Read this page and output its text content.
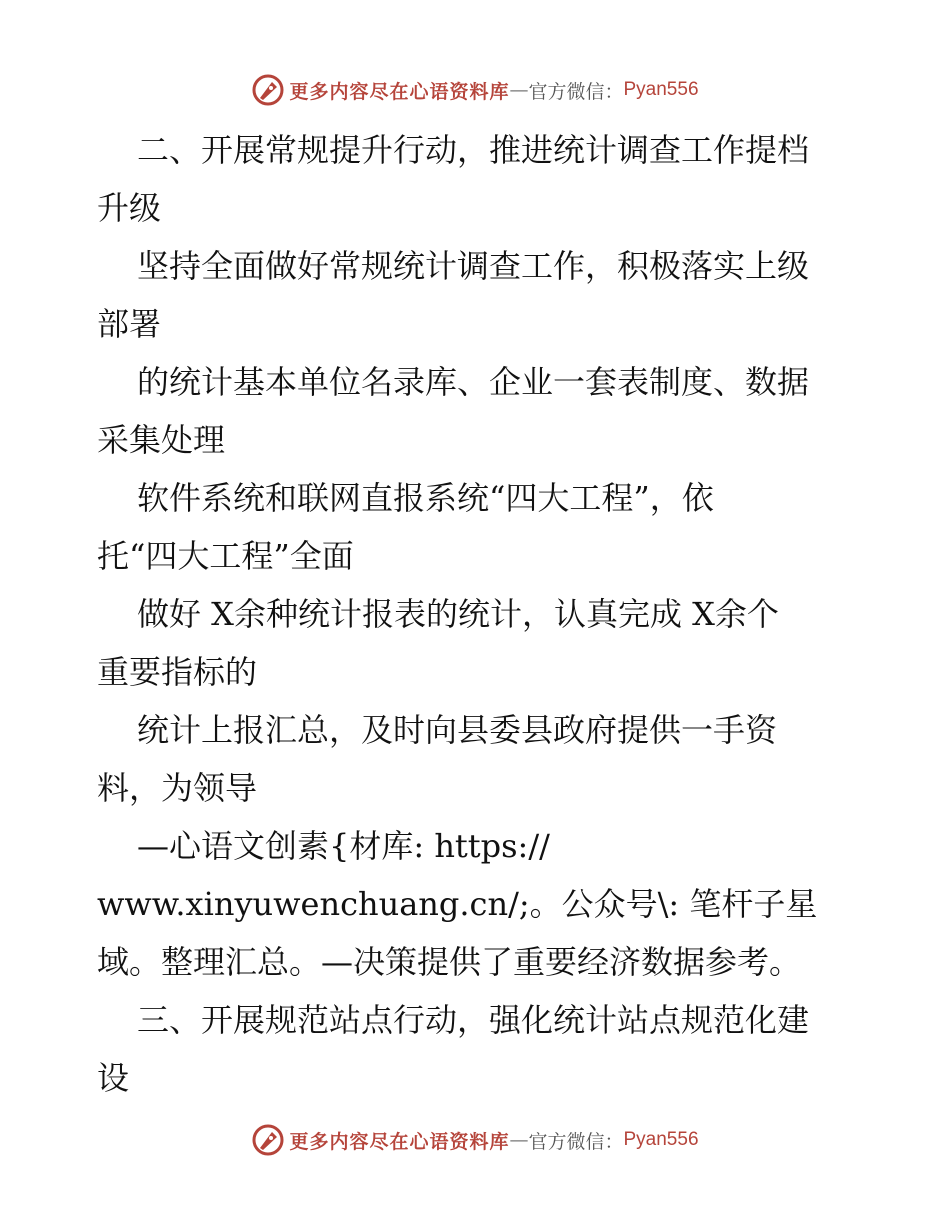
更多内容尽在心语资料库 — 官方微信： Pyan556
二、开展常规提升行动，推进统计调查工作提档
升级
坚持全面做好常规统计调查工作，积极落实上级
部署
的统计基本单位名录库、企业一套表制度、数据
采集处理
软件系统和联网直报系统“四大工程”，依
托“四大工程”全面
做好 X余种统计报表的统计，认真完成 X余个
重要指标的
统计上报汇总，及时向县委县政府提供一手资
料，为领导
—心语文创素{材库: https://
www.xinyuwenchuang.cn/;。公众号\: 笔杆子星
域。整理汇总。—决策提供了重要经济数据参考。
三、开展规范站点行动，强化统计站点规范化建
设
更多内容尽在心语资料库 — 官方微信： Pyan556
